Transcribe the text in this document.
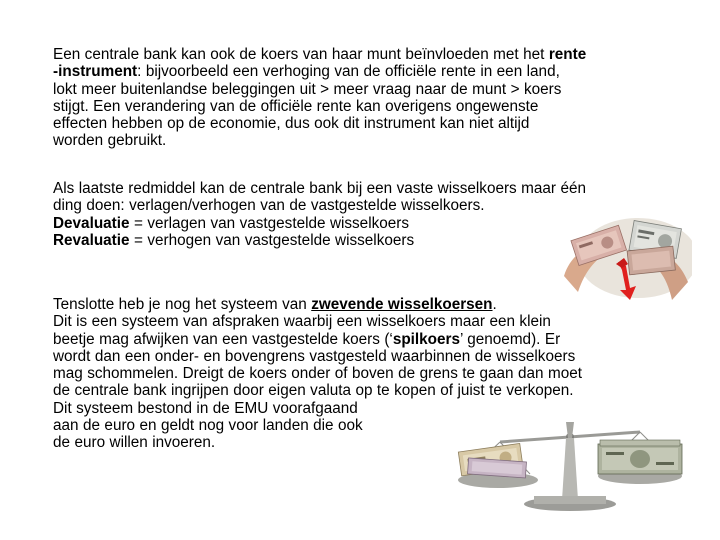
Een centrale bank kan ook de koers van haar munt beïnvloeden met het rente
-instrument: bijvoorbeeld een verhoging van de officiële rente in een land,
lokt meer buitenlandse beleggingen uit > meer vraag naar de munt > koers
stijgt. Een verandering van de officiële rente kan overigens ongewenste
effecten hebben op de economie, dus ook dit instrument kan niet altijd
worden gebruikt.

Als laatste redmiddel kan de centrale bank bij een vaste wisselkoers maar één
ding doen: verlagen/verhogen van de vastgestelde wisselkoers.
Devaluatie = verlagen van vastgestelde wisselkoers
Revaluatie = verhogen van vastgestelde wisselkoers

Tenslotte heb je nog het systeem van zwevende wisselkoersen.
Dit is een systeem van afspraken waarbij een wisselkoers maar een klein
beetje mag afwijken van een vastgestelde koers (‘spilkoers’ genoemd). Er
wordt dan een onder- en bovengrens vastgesteld waarbinnen de wisselkoers
mag schommelen. Dreigt de koers onder of boven de grens te gaan dan moet
de centrale bank ingrijpen door eigen valuta op te kopen of juist te verkopen.
Dit systeem bestond in de EMU voorafgaand
aan de euro en geldt nog voor landen die ook
de euro willen invoeren.
